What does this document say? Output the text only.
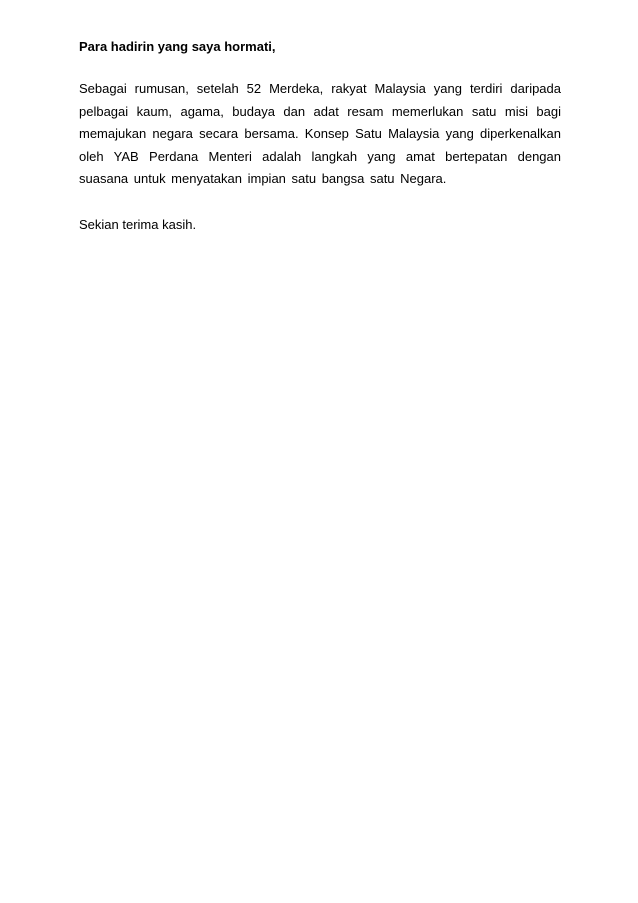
Para hadirin yang saya hormati,

Sebagai rumusan, setelah 52 Merdeka, rakyat Malaysia yang terdiri daripada pelbagai kaum, agama, budaya dan adat resam memerlukan satu misi bagi memajukan negara secara bersama. Konsep Satu Malaysia yang diperkenalkan oleh YAB Perdana Menteri adalah langkah yang amat bertepatan dengan suasana untuk menyatakan impian satu bangsa satu Negara.

Sekian terima kasih.
